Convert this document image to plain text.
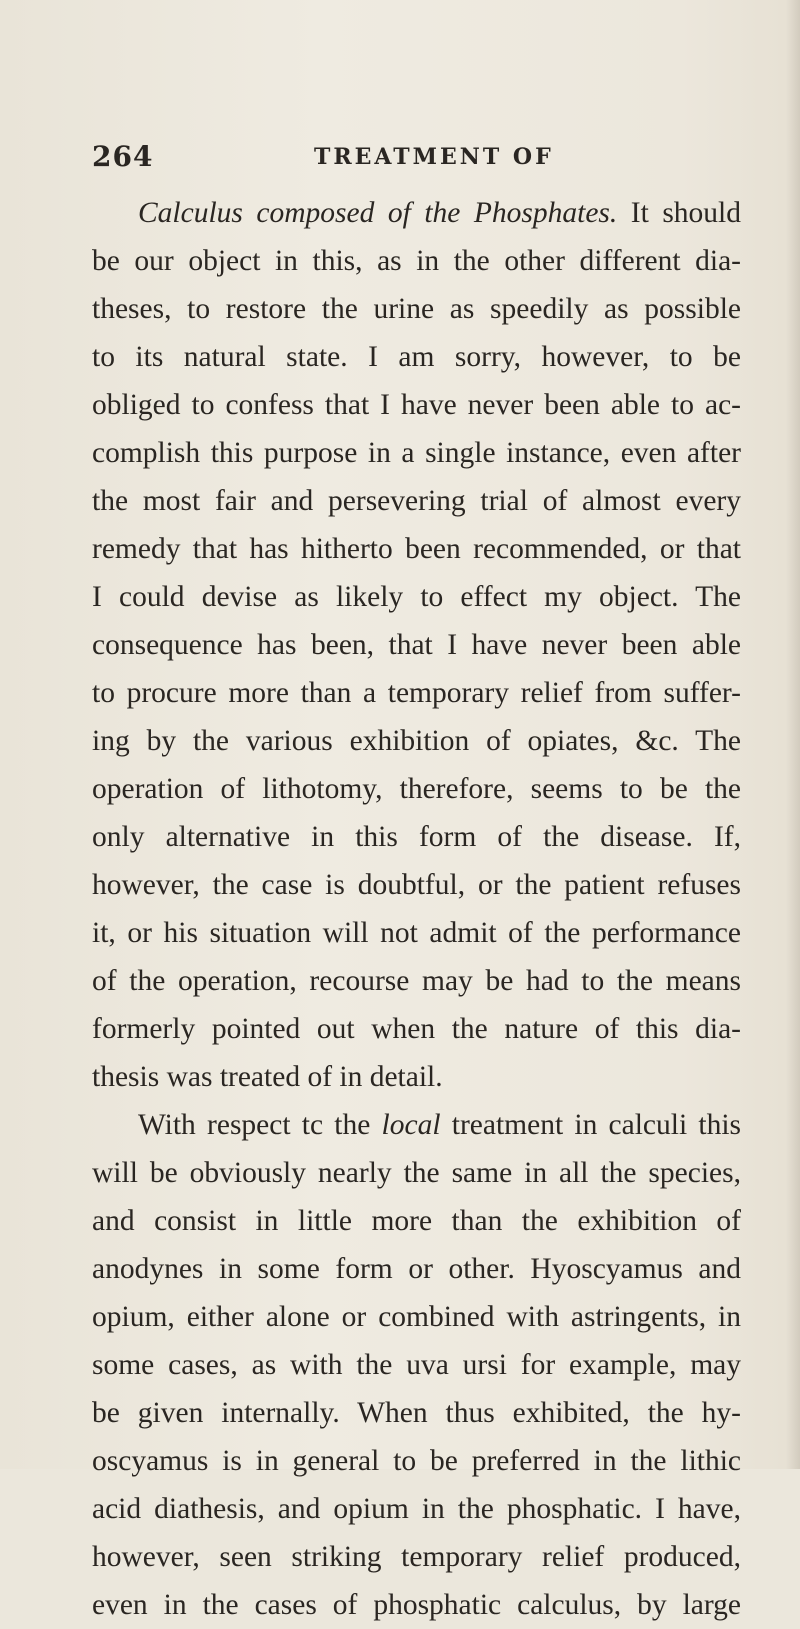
264	TREATMENT OF
Calculus composed of the Phosphates. It should
be our object in this, as in the other different dia-
theses, to restore the urine as speedily as possible
to its natural state. I am sorry, however, to be
obliged to confess that I have never been able to ac-
complish this purpose in a single instance, even after
the most fair and persevering trial of almost every
remedy that has hitherto been recommended, or that
I could devise as likely to effect my object. The
consequence has been, that I have never been able
to procure more than a temporary relief from suffer-
ing by the various exhibition of opiates, &c. The
operation of lithotomy, therefore, seems to be the
only alternative in this form of the disease. If,
however, the case is doubtful, or the patient refuses
it, or his situation will not admit of the performance
of the operation, recourse may be had to the means
formerly pointed out when the nature of this dia-
thesis was treated of in detail.
With respect tc the local treatment in calculi this
will be obviously nearly the same in all the species,
and consist in little more than the exhibition of
anodynes in some form or other. Hyoscyamus and
opium, either alone or combined with astringents, in
some cases, as with the uva ursi for example, may
be given internally. When thus exhibited, the hy-
oscyamus is in general to be preferred in the lithic
acid diathesis, and opium in the phosphatic. I have,
however, seen striking temporary relief produced,
even in the cases of phosphatic calculus, by large
